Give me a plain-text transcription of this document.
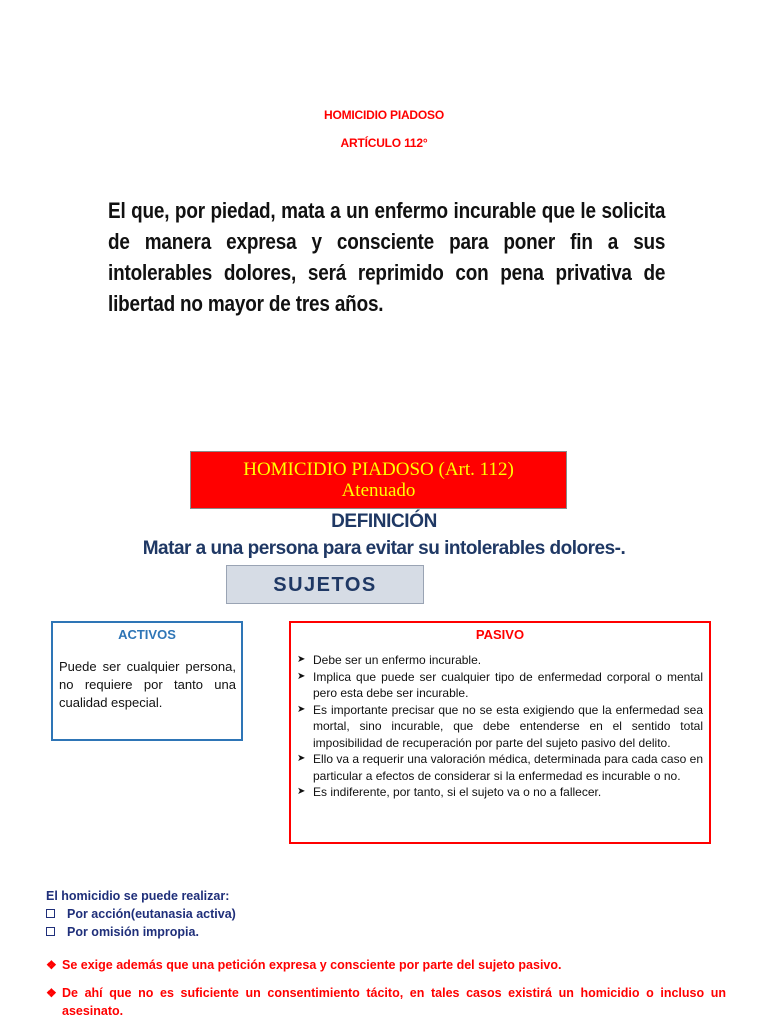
HOMICIDIO PIADOSO
ARTÍCULO 112°
El que, por piedad, mata a un enfermo incurable que le solicita de manera expresa y consciente para poner fin a sus intolerables dolores, será reprimido con pena privativa de libertad no mayor de tres años.
HOMICIDIO PIADOSO (Art. 112)
Atenuado
DEFINICIÓN
Matar a una persona para evitar su intolerables dolores-.
SUJETOS
ACTIVOS
Puede ser cualquier persona, no requiere por tanto una cualidad especial.
PASIVO
➤ Debe ser un enfermo incurable.
➤ Implica que puede ser cualquier tipo de enfermedad corporal o mental pero esta debe ser incurable.
➤ Es importante precisar que no se esta exigiendo que la enfermedad sea mortal, sino incurable, que debe entenderse en el sentido total imposibilidad de recuperación por parte del sujeto pasivo del delito.
➤ Ello va a requerir una valoración médica, determinada para cada caso en particular a efectos de considerar si la enfermedad es incurable o no.
➤ Es indiferente, por tanto, si el sujeto va o no a fallecer.
El homicidio se puede realizar:
Por acción(eutanasia activa)
Por omisión impropia.
❖ Se exige además que una petición expresa y consciente por parte del sujeto pasivo.
❖ De ahí que no es suficiente un consentimiento tácito, en tales casos existirá un homicidio o incluso un asesinato.
